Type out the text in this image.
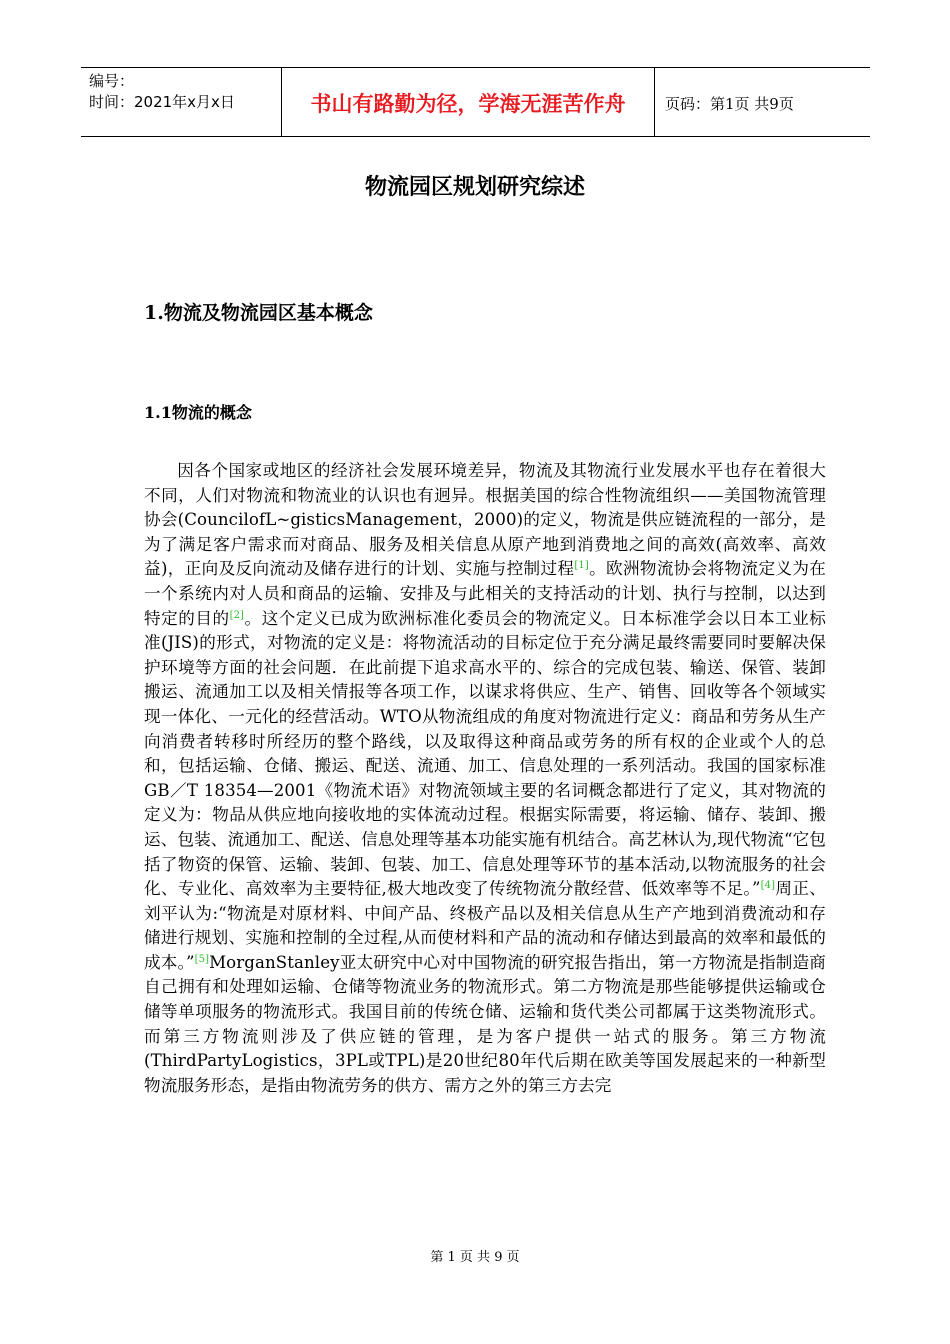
编号：
时间：2021年x月x日	书山有路勤为径，学海无涯苦作舟	页码：第1页 共9页
物流园区规划研究综述
1.物流及物流园区基本概念
1.1物流的概念
因各个国家或地区的经济社会发展环境差异，物流及其物流行业发展水平也存在着很大不同，人们对物流和物流业的认识也有迥异。根据美国的综合性物流组织——美国物流管理协会(CouncilofL~gisticsManagement，2000)的定义，物流是供应链流程的一部分，是为了满足客户需求而对商品、服务及相关信息从原产地到消费地之间的高效(高效率、高效益)，正向及反向流动及储存进行的计划、实施与控制过程[1]。欧洲物流协会将物流定义为在一个系统内对人员和商品的运输、安排及与此相关的支持活动的计划、执行与控制，以达到特定的目的[2]。这个定义已成为欧洲标准化委员会的物流定义。日本标准学会以日本工业标准(JIS)的形式，对物流的定义是：将物流活动的目标定位于充分满足最终需要同时要解决保护环境等方面的社会问题．在此前提下追求高水平的、综合的完成包装、输送、保管、装卸搬运、流通加工以及相关情报等各项工作，以谋求将供应、生产、销售、回收等各个领域实现一体化、一元化的经营活动。WTO从物流组成的角度对物流进行定义：商品和劳务从生产向消费者转移时所经历的整个路线，以及取得这种商品或劳务的所有权的企业或个人的总和，包括运输、仓储、搬运、配送、流通、加工、信息处理的一系列活动。我国的国家标准GB／T 18354—2001《物流术语》对物流领域主要的名词概念都进行了定义，其对物流的定义为：物品从供应地向接收地的实体流动过程。根据实际需要，将运输、储存、装卸、搬运、包装、流通加工、配送、信息处理等基本功能实施有机结合。高艺林认为,现代物流“它包括了物资的保管、运输、装卸、包装、加工、信息处理等环节的基本活动,以物流服务的社会化、专业化、高效率为主要特征,极大地改变了传统物流分散经营、低效率等不足。”[4]周正、刘平认为:“物流是对原材料、中间产品、终极产品以及相关信息从生产产地到消费流动和存储进行规划、实施和控制的全过程,从而使材料和产品的流动和存储达到最高的效率和最低的成本。”[5]MorganStanley亚太研究中心对中国物流的研究报告指出，第一方物流是指制造商自己拥有和处理如运输、仓储等物流业务的物流形式。第二方物流是那些能够提供运输或仓储等单项服务的物流形式。我国目前的传统仓储、运输和货代类公司都属于这类物流形式。而第三方物流则涉及了供应链的管理，是为客户提供一站式的服务。第三方物流(ThirdPartyLogistics，3PL或TPL)是20世纪80年代后期在欧美等国发展起来的一种新型物流服务形态，是指由物流劳务的供方、需方之外的第三方去完
第 1 页 共 9 页
